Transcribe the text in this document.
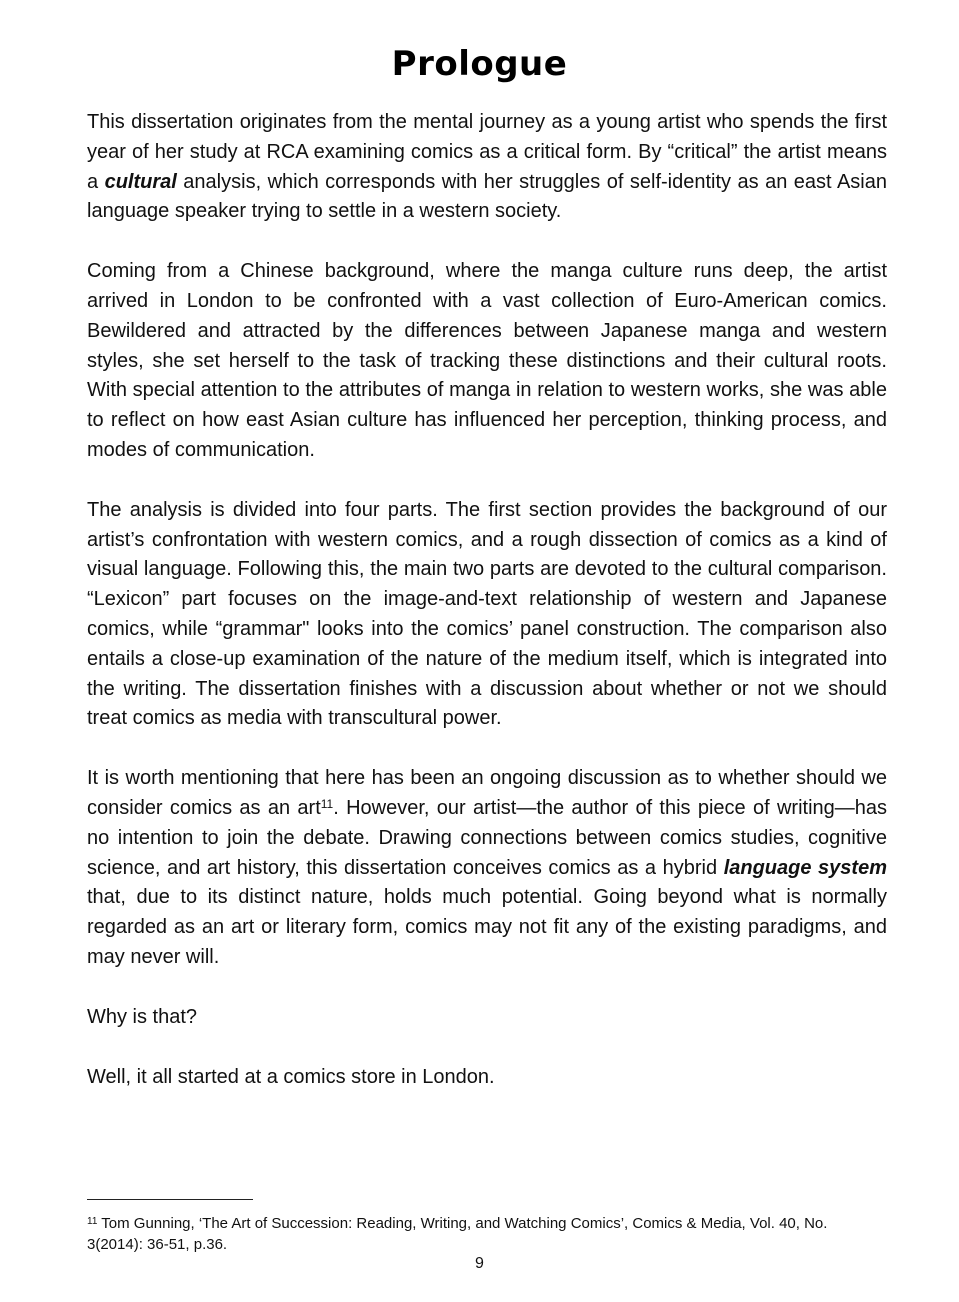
Prologue

This dissertation originates from the mental journey as a young artist who spends the first year of her study at RCA examining comics as a critical form. By “critical” the artist means a cultural analysis, which corresponds with her struggles of self-identity as an east Asian language speaker trying to settle in a western society.

Coming from a Chinese background, where the manga culture runs deep, the artist arrived in London to be confronted with a vast collection of Euro-American comics. Bewildered and attracted by the differences between Japanese manga and western styles, she set herself to the task of tracking these distinctions and their cultural roots. With special attention to the attributes of manga in relation to western works, she was able to reflect on how east Asian culture has influenced her perception, thinking process, and modes of communication.

The analysis is divided into four parts. The first section provides the background of our artist’s confrontation with western comics, and a rough dissection of comics as a kind of visual language. Following this, the main two parts are devoted to the cultural comparison. “Lexicon” part focuses on the image-and-text relationship of western and Japanese comics, while “grammar" looks into the comics’ panel construction. The comparison also entails a close-up examination of the nature of the medium itself, which is integrated into the writing. The dissertation finishes with a discussion about whether or not we should treat comics as media with transcultural power.

It is worth mentioning that here has been an ongoing discussion as to whether should we consider comics as an art$^{11}$. However, our artist—the author of this piece of writing—has no intention to join the debate. Drawing connections between comics studies, cognitive science, and art history, this dissertation conceives comics as a hybrid language system that, due to its distinct nature, holds much potential. Going beyond what is normally regarded as an art or literary form, comics may not fit any of the existing paradigms, and may never will.

Why is that?

Well, it all started at a comics store in London.

$^{11}$ Tom Gunning, ‘The Art of Succession: Reading, Writing, and Watching Comics’, Comics & Media, Vol. 40, No. 3(2014): 36-51, p.36.
9
